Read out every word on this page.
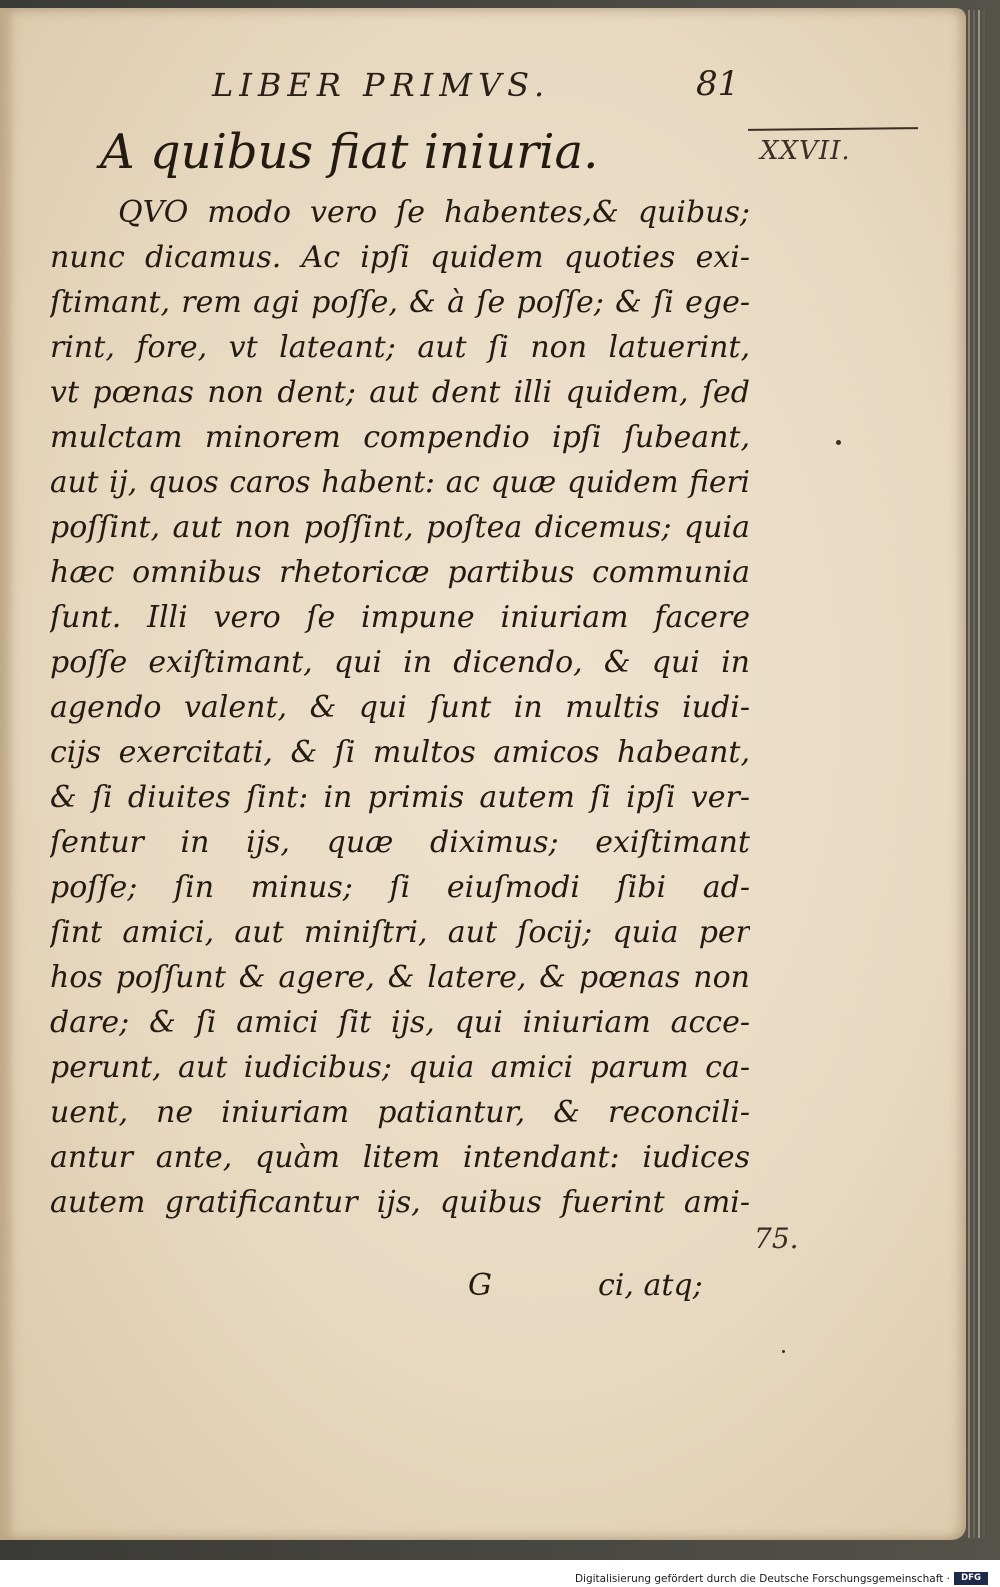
LIBER PRIMVS.	81
A quibus fiat iniuria.	XXVII.
QVO modo vero ſe habentes,& quibus;
nunc dicamus. Ac ipſi quidem quoties exi-
ſtimant, rem agi poſſe, & à ſe poſſe; & ſi ege-
rint, fore, vt lateant; aut ſi non latuerint,
vt pœnas non dent; aut dent illi quidem, ſed
mulctam minorem compendio ipſi ſubeant,
aut ij, quos caros habent: ac quæ quidem fieri
poſſint, aut non poſſint, poſtea dicemus; quia
hæc omnibus rhetoricæ partibus communia
ſunt. Illi vero ſe impune iniuriam facere
poſſe exiſtimant, qui in dicendo, & qui in
agendo valent, & qui ſunt in multis iudi-
cijs exercitati, & ſi multos amicos habeant,
& ſi diuites ſint: in primis autem ſi ipſi ver-
ſentur in ijs, quæ diximus; exiſtimant
poſſe; ſin minus; ſi eiuſmodi ſibi ad-
ſint amici, aut miniſtri, aut ſocij; quia per
hos poſſunt & agere, & latere, & pœnas non
dare; & ſi amici ſit ijs, qui iniuriam acce-
perunt, aut iudicibus; quia amici parum ca-
uent, ne iniuriam patiantur, & reconcili-
antur ante, quàm litem intendant: iudices
autem gratificantur ijs, quibus fuerint ami-
75.
G	ci, atq;
Digitalisierung gefördert durch die Deutsche Forschungsgemeinschaft ·	DFG
